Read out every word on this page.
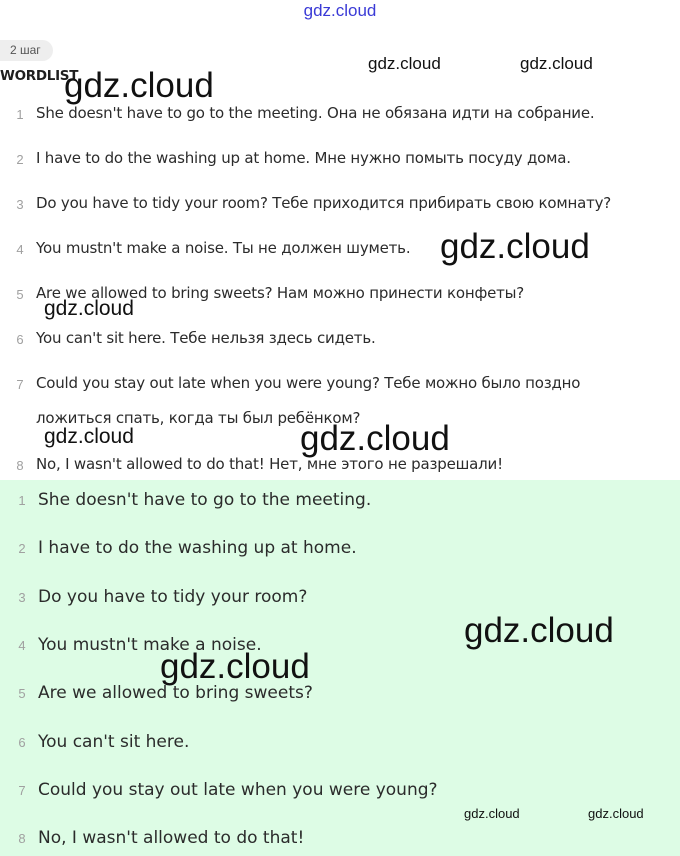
gdz.cloud
2 шаг
WORDLIST
1 She doesn't have to go to the meeting. Она не обязана идти на собрание.
2 I have to do the washing up at home. Мне нужно помыть посуду дома.
3 Do you have to tidy your room? Тебе приходится прибирать свою комнату?
4 You mustn't make a noise. Ты не должен шуметь.
5 Are we allowed to bring sweets? Нам можно принести конфеты?
6 You can't sit here. Тебе нельзя здесь сидеть.
7 Could you stay out late when you were young? Тебе можно было поздно ложиться спать, когда ты был ребёнком?
8 No, I wasn't allowed to do that! Нет, мне этого не разрешали!
1 She doesn't have to go to the meeting.
2 I have to do the washing up at home.
3 Do you have to tidy your room?
4 You mustn't make a noise.
5 Are we allowed to bring sweets?
6 You can't sit here.
7 Could you stay out late when you were young?
8 No, I wasn't allowed to do that!
gdz.cloud
gdz.cloud	gdz.cloud
gdz.cloud
gdz.cloud
gdz.cloud	gdz.cloud
gdz.cloud
gdz.cloud
gdz.cloud	gdz.cloud
